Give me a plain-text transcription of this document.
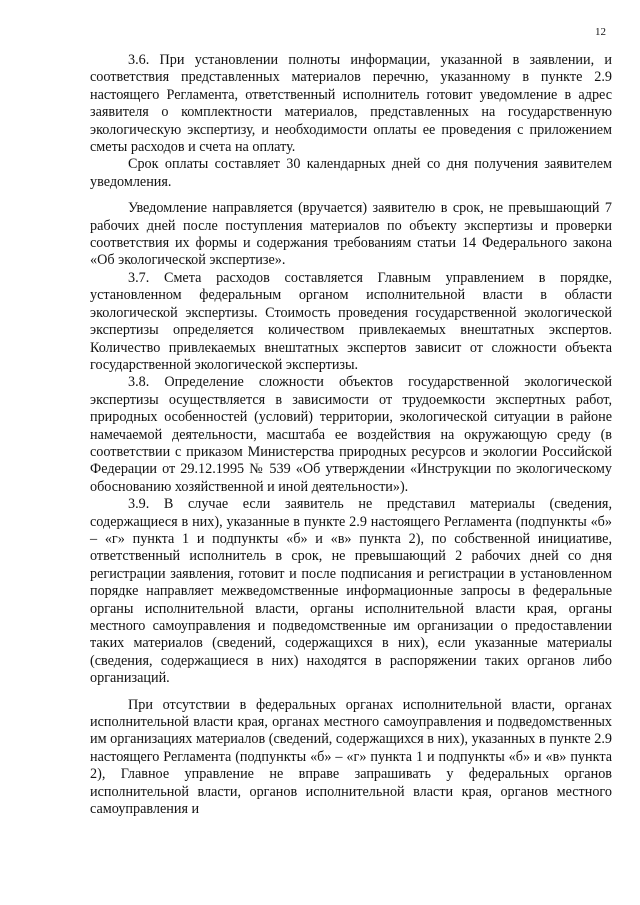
12

3.6. При установлении полноты информации, указанной в заявлении, и соответствия представленных материалов перечню, указанному в пункте 2.9 настоящего Регламента, ответственный исполнитель готовит уведомление в адрес заявителя о комплектности материалов, представленных на государственную экологическую экспертизу, и необходимости оплаты ее проведения с приложением сметы расходов и счета на оплату.

Срок оплаты составляет 30 календарных дней со дня получения заявителем уведомления.

Уведомление направляется (вручается) заявителю в срок, не превышающий 7 рабочих дней после поступления материалов по объекту экспертизы и проверки соответствия их формы и содержания требованиям статьи 14 Федерального закона «Об экологической экспертизе».

3.7. Смета расходов составляется Главным управлением в порядке, установленном федеральным органом исполнительной власти в области экологической экспертизы. Стоимость проведения государственной экологической экспертизы определяется количеством привлекаемых внештатных экспертов. Количество привлекаемых внештатных экспертов зависит от сложности объекта государственной экологической экспертизы.

3.8. Определение сложности объектов государственной экологической экспертизы осуществляется в зависимости от трудоемкости экспертных работ, природных особенностей (условий) территории, экологической ситуации в районе намечаемой деятельности, масштаба ее воздействия на окружающую среду (в соответствии с приказом Министерства природных ресурсов и экологии Российской Федерации от 29.12.1995 № 539 «Об утверждении «Инструкции по экологическому обоснованию хозяйственной и иной деятельности»).

3.9. В случае если заявитель не представил материалы (сведения, содержащиеся в них), указанные в пункте 2.9 настоящего Регламента (подпункты «б» – «г» пункта 1 и подпункты «б» и «в» пункта 2), по собственной инициативе, ответственный исполнитель в срок, не превышающий 2 рабочих дней со дня регистрации заявления, готовит и после подписания и регистрации в установленном порядке направляет межведомственные информационные запросы в федеральные органы исполнительной власти, органы исполнительной власти края, органы местного самоуправления и подведомственные им организации о предоставлении таких материалов (сведений, содержащихся в них), если указанные материалы (сведения, содержащиеся в них) находятся в распоряжении таких органов либо организаций.

При отсутствии в федеральных органах исполнительной власти, органах исполнительной власти края, органах местного самоуправления и подведомственных им организациях материалов (сведений, содержащихся в них), указанных в пункте 2.9 настоящего Регламента (подпункты «б» – «г» пункта 1 и подпункты «б» и «в» пункта 2), Главное управление не вправе запрашивать у федеральных органов исполнительной власти, органов исполнительной власти края, органов местного самоуправления и
